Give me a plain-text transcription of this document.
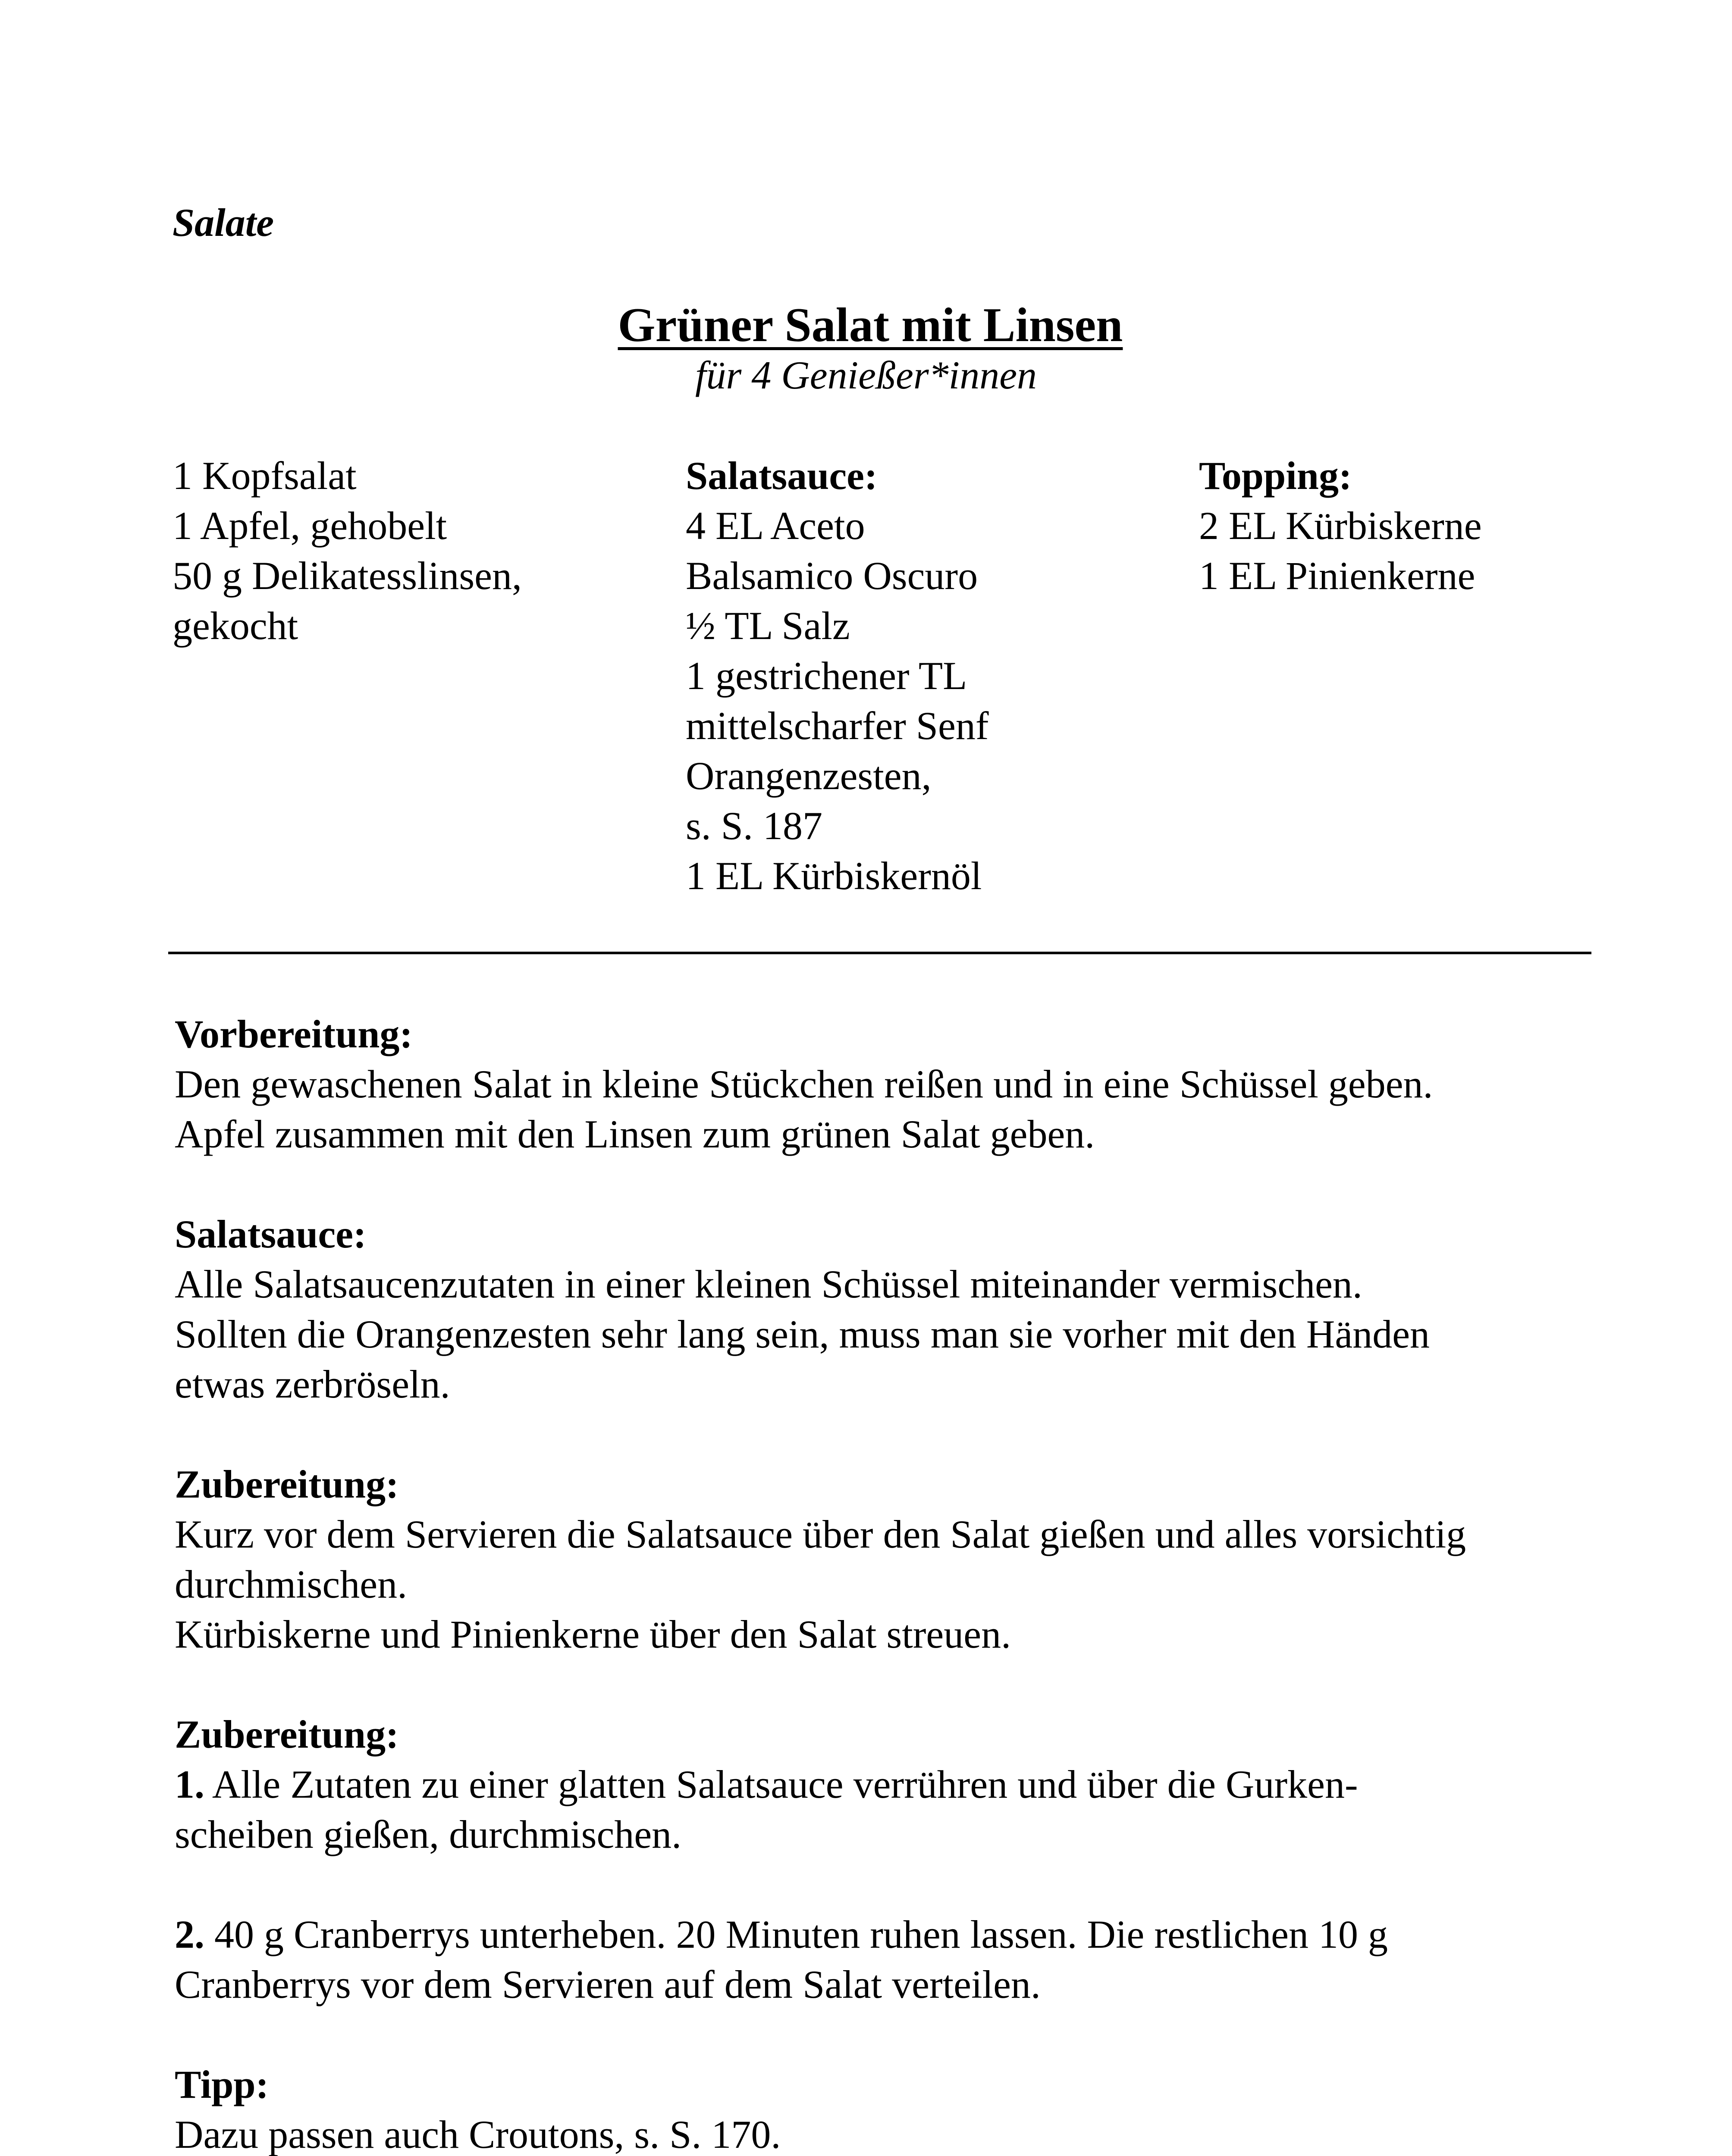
Salate
Grüner Salat mit Linsen
für 4 Genießer*innen
1 Kopfsalat
1 Apfel, gehobelt
50 g Delikatesslinsen,
gekocht
Salatsauce:
4 EL Aceto
Balsamico Oscuro
½ TL Salz
1 gestrichener TL
mittelscharfer Senf
Orangenzesten,
s. S. 187
1 EL Kürbiskernöl
Topping:
2 EL Kürbiskerne
1 EL Pinienkerne
Vorbereitung:
Den gewaschenen Salat in kleine Stückchen reißen und in eine Schüssel geben.
Apfel zusammen mit den Linsen zum grünen Salat geben.
Salatsauce:
Alle Salatsaucenzutaten in einer kleinen Schüssel miteinander vermischen.
Sollten die Orangenzesten sehr lang sein, muss man sie vorher mit den Händen
etwas zerbröseln.
Zubereitung:
Kurz vor dem Servieren die Salatsauce über den Salat gießen und alles vorsichtig
durchmischen.
Kürbiskerne und Pinienkerne über den Salat streuen.
Zubereitung:
1. Alle Zutaten zu einer glatten Salatsauce verrühren und über die Gurken-
scheiben gießen, durchmischen.
2. 40 g Cranberrys unterheben. 20 Minuten ruhen lassen. Die restlichen 10 g
Cranberrys vor dem Servieren auf dem Salat verteilen.
Tipp:
Dazu passen auch Croutons, s. S. 170.
